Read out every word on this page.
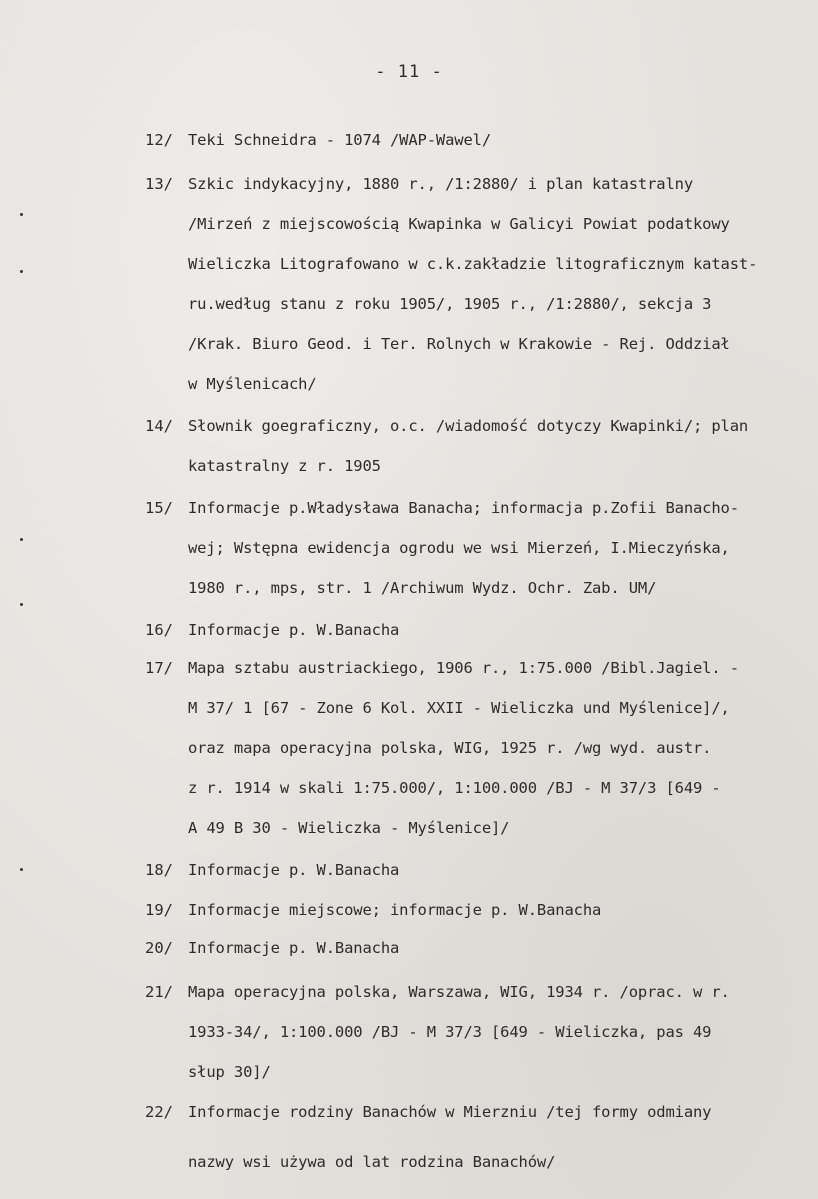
- 11 -
12/ Teki Schneidra - 1074 /WAP-Wawel/
13/ Szkic indykacyjny, 1880 r., /1:2880/ i plan katastralny
/Mirzeń z miejscowością Kwapinka w Galicyi Powiat podatkowy
Wieliczka Litografowano w c.k.zakładzie litograficznym katast-
ru.według stanu z roku 1905/, 1905 r., /1:2880/, sekcja 3
/Krak. Biuro Geod. i Ter. Rolnych w Krakowie - Rej. Oddział
w Myślenicach/
14/ Słownik goegraficzny, o.c. /wiadomość dotyczy Kwapinki/; plan
katastralny z r. 1905
15/ Informacje p.Władysława Banacha; informacja p.Zofii Banacho-
wej; Wstępna ewidencja ogrodu we wsi Mierzeń, I.Mieczyńska,
1980 r., mps, str. 1 /Archiwum Wydz. Ochr. Zab. UM/
16/ Informacje p. W.Banacha
17/ Mapa sztabu austriackiego, 1906 r., 1:75.000 /Bibl.Jagiel. -
M 37/ 1 [67 - Zone 6 Kol. XXII - Wieliczka und Myślenice]/,
oraz mapa operacyjna polska, WIG, 1925 r. /wg wyd. austr.
z r. 1914 w skali 1:75.000/, 1:100.000 /BJ - M 37/3 [649 -
A 49 B 30 - Wieliczka - Myślenice]/
18/ Informacje p. W.Banacha
19/ Informacje miejscowe; informacje p. W.Banacha
20/ Informacje p. W.Banacha
21/ Mapa operacyjna polska, Warszawa, WIG, 1934 r. /oprac. w r.
1933-34/, 1:100.000 /BJ - M 37/3 [649 - Wieliczka, pas 49
słup 30]/
22/ Informacje rodziny Banachów w Mierzniu /tej formy odmiany
nazwy wsi używa od lat rodzina Banachów/
